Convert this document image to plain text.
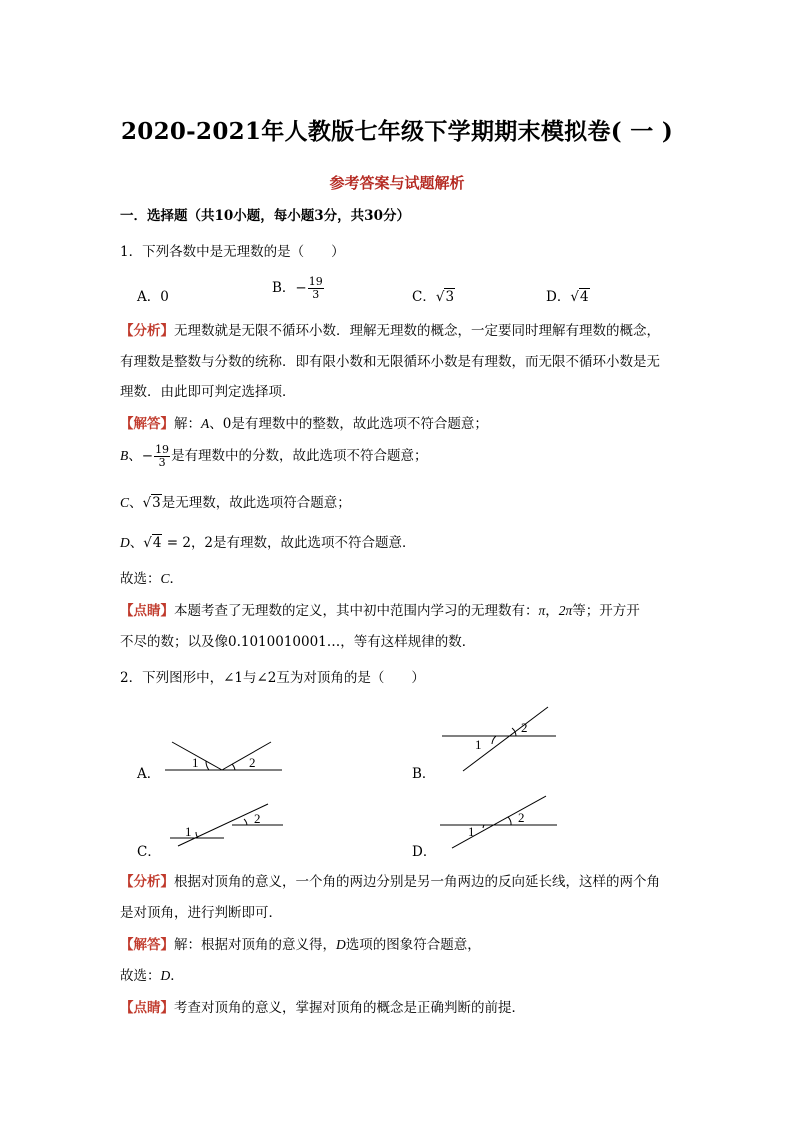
2020-2021年人教版七年级下学期期末模拟卷( 一 )
参考答案与试题解析
一．选择题（共10小题，每小题3分，共30分）
1．下列各数中是无理数的是（　　）
A．0
B．− $\frac{19}{3}$	C．√3	D．√4
【分析】无理数就是无限不循环小数．理解无理数的概念，一定要同时理解有理数的概念，
有理数是整数与分数的统称．即有限小数和无限循环小数是有理数，而无限不循环小数是无
理数．由此即可判定选择项．
【解答】解：A、0是有理数中的整数，故此选项不符合题意；
B、− $\frac{19}{3}$ 是有理数中的分数，故此选项不符合题意；
C、√3是无理数，故此选项符合题意；
D、√4 = 2，2是有理数，故此选项不符合题意．
故选：C．
【点睛】本题考查了无理数的定义，其中初中范围内学习的无理数有：π，2π等；开方开
不尽的数；以及像0.1010010001…，等有这样规律的数．
2．下列图形中，∠1与∠2互为对顶角的是（　　）
A．	B．
C．	D．
1	2
1
2
1
2
1
2
【分析】根据对顶角的意义，一个角的两边分别是另一角两边的反向延长线，这样的两个角
是对顶角，进行判断即可．
【解答】解：根据对顶角的意义得，D选项的图象符合题意，
故选：D．
【点睛】考查对顶角的意义，掌握对顶角的概念是正确判断的前提．
